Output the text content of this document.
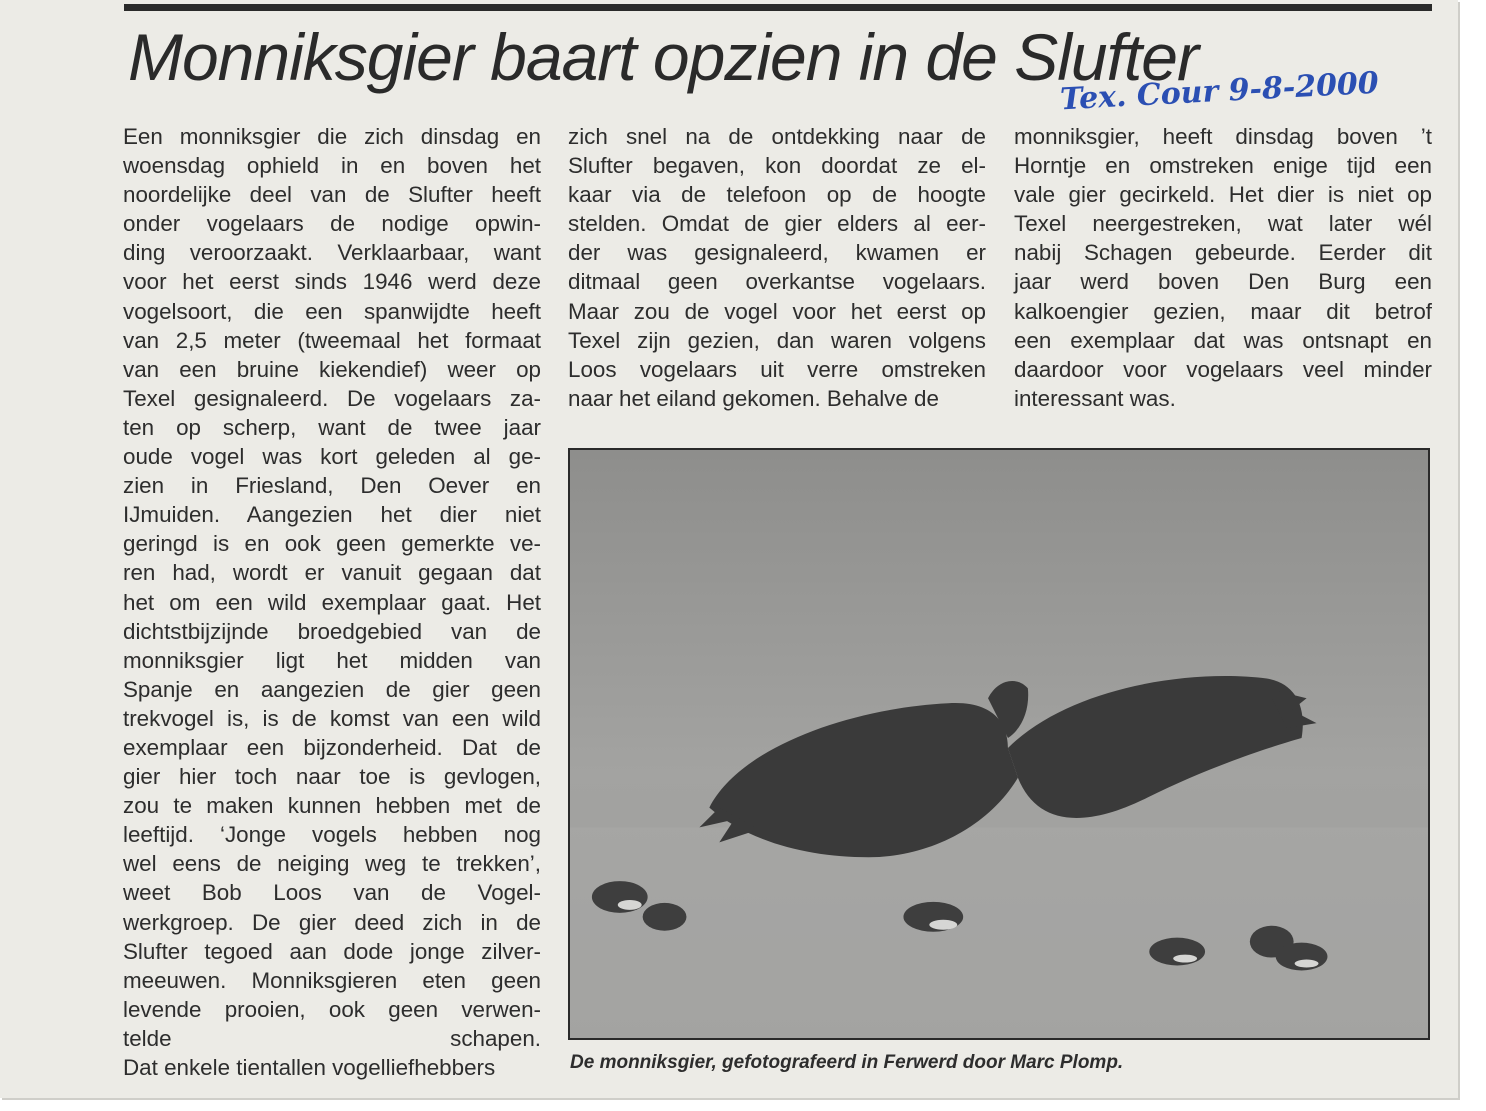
Monniksgier baart opzien in de Slufter
Tex. Cour 9-8-2000
Een monniksgier die zich dinsdag en
woensdag ophield in en boven het
noordelijke deel van de Slufter heeft
onder vogelaars de nodige opwin-
ding veroorzaakt. Verklaarbaar, want
voor het eerst sinds 1946 werd deze
vogelsoort, die een spanwijdte heeft
van 2,5 meter (tweemaal het formaat
van een bruine kiekendief) weer op
Texel gesignaleerd. De vogelaars za-
ten op scherp, want de twee jaar
oude vogel was kort geleden al ge-
zien in Friesland, Den Oever en
IJmuiden. Aangezien het dier niet
geringd is en ook geen gemerkte ve-
ren had, wordt er vanuit gegaan dat
het om een wild exemplaar gaat. Het
dichtstbijzijnde broedgebied van de
monniksgier ligt het midden van
Spanje en aangezien de gier geen
trekvogel is, is de komst van een wild
exemplaar een bijzonderheid. Dat de
gier hier toch naar toe is gevlogen,
zou te maken kunnen hebben met de
leeftijd. ‘Jonge vogels hebben nog
wel eens de neiging weg te trekken’,
weet Bob Loos van de Vogel-
werkgroep. De gier deed zich in de
Slufter tegoed aan dode jonge zilver-
meeuwen. Monniksgieren eten geen
levende prooien, ook geen verwen-
telde schapen.
Dat enkele tientallen vogelliefhebbers
zich snel na de ontdekking naar de
Slufter begaven, kon doordat ze el-
kaar via de telefoon op de hoogte
stelden. Omdat de gier elders al eer-
der was gesignaleerd, kwamen er
ditmaal geen overkantse vogelaars.
Maar zou de vogel voor het eerst op
Texel zijn gezien, dan waren volgens
Loos vogelaars uit verre omstreken
naar het eiland gekomen. Behalve de
monniksgier, heeft dinsdag boven ’t
Horntje en omstreken enige tijd een
vale gier gecirkeld. Het dier is niet op
Texel neergestreken, wat later wél
nabij Schagen gebeurde. Eerder dit
jaar werd boven Den Burg een
kalkoengier gezien, maar dit betrof
een exemplaar dat was ontsnapt en
daardoor voor vogelaars veel minder
interessant was.
De monniksgier, gefotografeerd in Ferwerd door Marc Plomp.
